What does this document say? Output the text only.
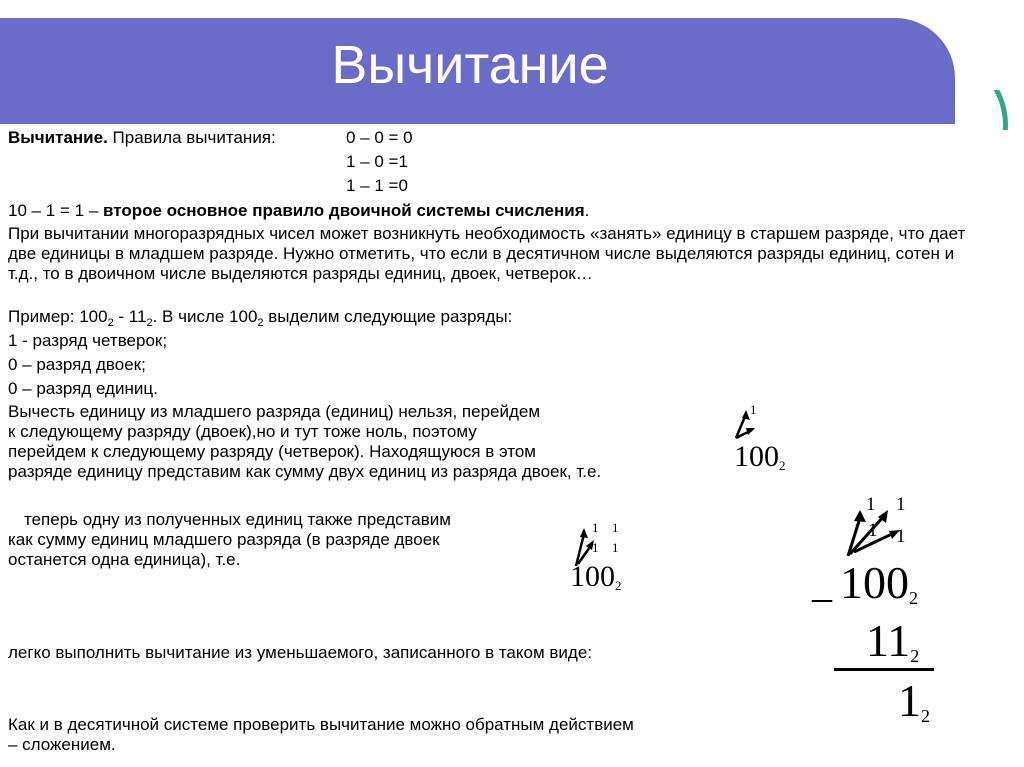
Вычитание

Вычитание. Правила вычитания:	0 – 0 = 0

1 – 0 =1

1 – 1 =0

10 – 1 = 1 – второе основное правило двоичной системы счисления.

При вычитании многоразрядных чисел может возникнуть необходимость «занять» единицу в старшем разряде, что дает две единицы в младшем разряде. Нужно отметить, что если в десятичном числе выделяются разряды единиц, сотен и т.д., то в двоичном числе выделяются разряды единиц, двоек, четверок…

Пример: $100_2 - 11_2$. В числе $100_2$ выделим следующие разряды:

1 - разряд четверок;

0 – разряд двоек;

0 – разряд единиц.

Вычесть единицу из младшего разряда (единиц) нельзя, перейдем

к следующему разряду (двоек),но и тут тоже ноль, поэтому

перейдем к следующему разряду (четверок). Находящуюся в этом

разряде единицу представим как сумму двух единиц из разряда двоек, т.е.

теперь одну из полученных единиц также представим

как сумму единиц младшего разряда (в разряде двоек

останется одна единица), т.е.

легко выполнить вычитание из уменьшаемого, записанного в таком виде:

Как и в десятичной системе проверить вычитание можно обратным действием

– сложением.

1
$100_2$
1 1
1 1
$100_2$
1 1
1 1
_ $100_2$
$11_2$
$1_2$
